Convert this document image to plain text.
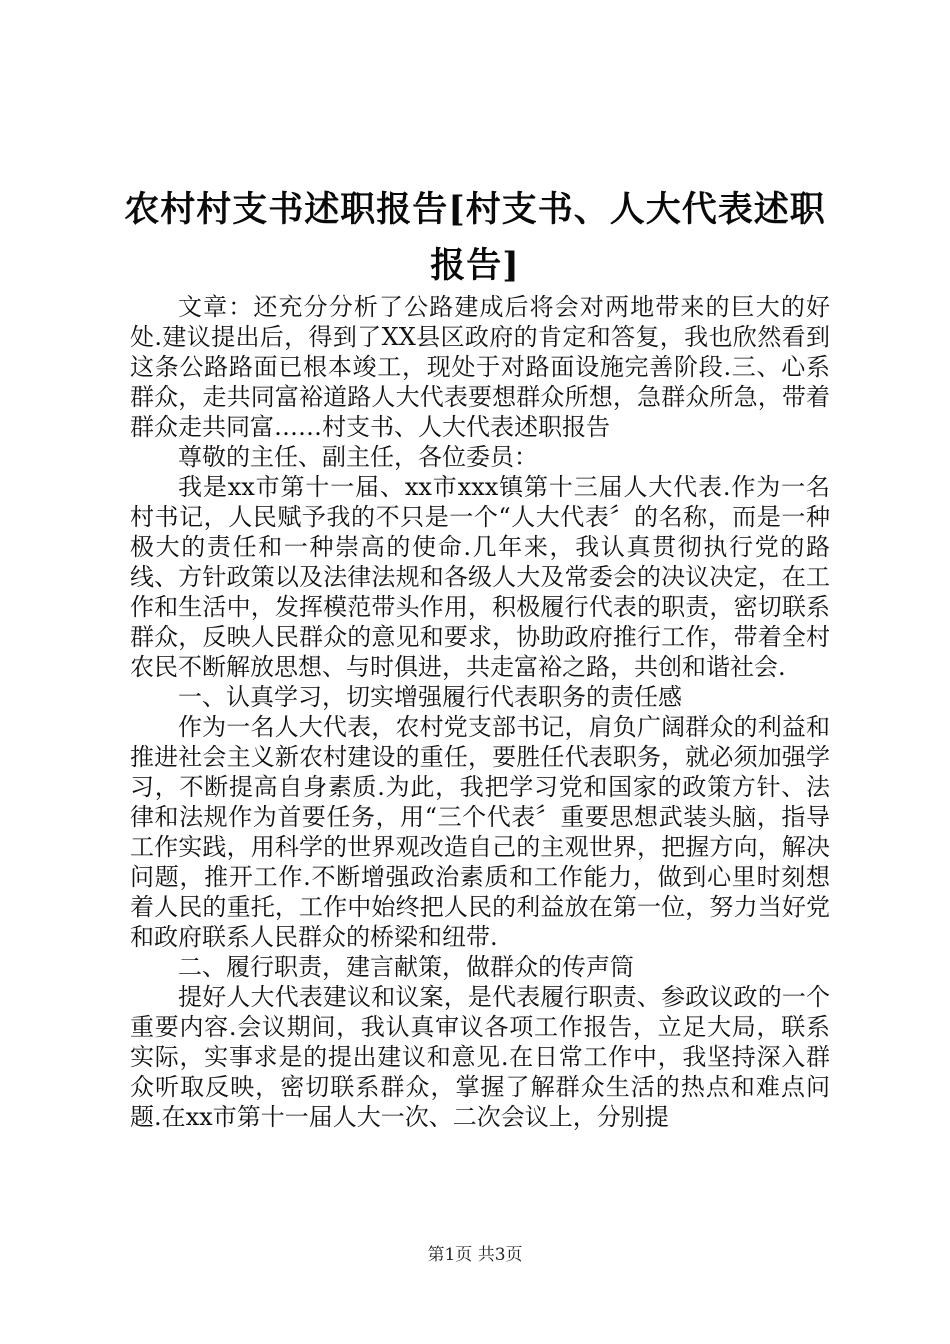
农村村支书述职报告[村支书、人大代表述职报告]

文章：还充分分析了公路建成后将会对两地带来的巨大的好处.建议提出后，得到了XX县区政府的肯定和答复，我也欣然看到这条公路路面已根本竣工，现处于对路面设施完善阶段.三、心系群众，走共同富裕道路人大代表要想群众所想，急群众所急，带着群众走共同富……村支书、人大代表述职报告

尊敬的主任、副主任，各位委员：

我是xx市第十一届、xx市xxx镇第十三届人大代表.作为一名村书记，人民赋予我的不只是一个“人大代表〞的名称，而是一种极大的责任和一种崇高的使命.几年来，我认真贯彻执行党的路线、方针政策以及法律法规和各级人大及常委会的决议决定，在工作和生活中，发挥模范带头作用，积极履行代表的职责，密切联系群众，反映人民群众的意见和要求，协助政府推行工作，带着全村农民不断解放思想、与时俱进，共走富裕之路，共创和谐社会.

一、认真学习，切实增强履行代表职务的责任感

作为一名人大代表，农村党支部书记，肩负广阔群众的利益和推进社会主义新农村建设的重任，要胜任代表职务，就必须加强学习，不断提高自身素质.为此，我把学习党和国家的政策方针、法律和法规作为首要任务，用“三个代表〞重要思想武装头脑，指导工作实践，用科学的世界观改造自己的主观世界，把握方向，解决问题，推开工作.不断增强政治素质和工作能力，做到心里时刻想着人民的重托，工作中始终把人民的利益放在第一位，努力当好党和政府联系人民群众的桥梁和纽带.

二、履行职责，建言献策，做群众的传声筒

提好人大代表建议和议案，是代表履行职责、参政议政的一个重要内容.会议期间，我认真审议各项工作报告，立足大局，联系实际，实事求是的提出建议和意见.在日常工作中，我坚持深入群众听取反映，密切联系群众，掌握了解群众生活的热点和难点问题.在xx市第十一届人大一次、二次会议上，分别提

第1页 共3页
